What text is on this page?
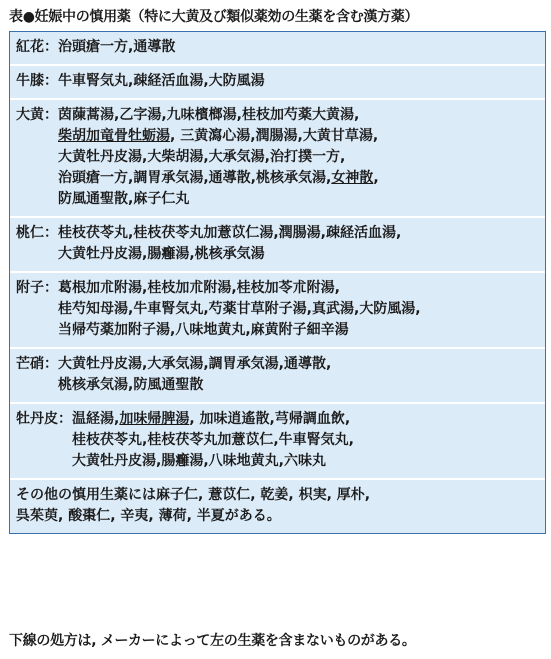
表●妊娠中の慎用薬（特に大黄及び類似薬効の生薬を含む漢方薬）
紅花： 治頭瘡一方, 通導散
牛膝： 牛車腎気丸, 疎経活血湯, 大防風湯
大黄： 茵蔯蒿湯, 乙字湯, 九味檳榔湯, 桂枝加芍薬大黄湯,
柴胡加竜骨牡蛎湯 , 三黄瀉心湯, 潤腸湯, 大黄甘草湯,
大黄牡丹皮湯, 大柴胡湯, 大承気湯, 治打撲一方,
治頭瘡一方, 調胃承気湯, 通導散, 桃核承気湯, 女神散 ,
防風通聖散, 麻子仁丸
桃仁： 桂枝茯苓丸, 桂枝茯苓丸加薏苡仁湯, 潤腸湯, 疎経活血湯,
大黄牡丹皮湯, 腸癰湯, 桃核承気湯
附子： 葛根加朮附湯, 桂枝加朮附湯, 桂枝加苓朮附湯,
桂芍知母湯, 牛車腎気丸, 芍薬甘草附子湯, 真武湯, 大防風湯,
当帰芍薬加附子湯, 八味地黄丸, 麻黄附子細辛湯
芒硝： 大黄牡丹皮湯, 大承気湯, 調胃承気湯, 通導散,
桃核承気湯, 防風通聖散
牡丹皮： 温経湯, 加味帰脾湯 , 加味逍遙散, 芎帰調血飲,
桂枝茯苓丸, 桂枝茯苓丸加薏苡仁, 牛車腎気丸,
大黄牡丹皮湯, 腸癰湯, 八味地黄丸, 六味丸
その他の慎用生薬には麻子仁, 薏苡仁, 乾姜, 枳実, 厚朴,
呉茱萸, 酸棗仁, 辛夷, 薄荷, 半夏がある。
下線の処方は, メーカーによって左の生薬を含まないものがある。
